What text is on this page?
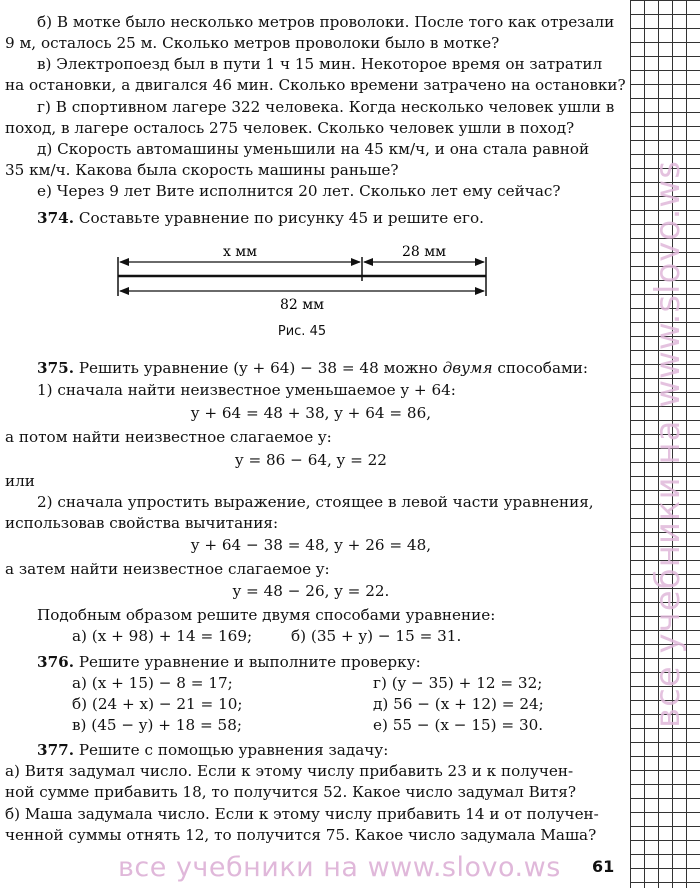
все учебники на www.slovo.ws
б) В мотке было несколько метров проволоки. После того как отрезали
9 м, осталось 25 м. Сколько метров проволоки было в мотке?
в) Электропоезд был в пути 1 ч 15 мин. Некоторое время он затратил
на остановки, а двигался 46 мин. Сколько времени затрачено на остановки?
г) В спортивном лагере 322 человека. Когда несколько человек ушли в
поход, в лагере осталось 275 человек. Сколько человек ушли в поход?
д) Скорость автомашины уменьшили на 45 км/ч, и она стала равной
35 км/ч. Какова была скорость машины раньше?
е) Через 9 лет Вите исполнится 20 лет. Сколько лет ему сейчас?
374. Составьте уравнение по рисунку 45 и решите его.
x мм	28 мм
82 мм
Рис. 45
375. Решить уравнение (y + 64) − 38 = 48 можно двумя способами:
1) сначала найти неизвестное уменьшаемое y + 64:
y + 64 = 48 + 38, y + 64 = 86,
а потом найти неизвестное слагаемое y:
y = 86 − 64, y = 22
или
2) сначала упростить выражение, стоящее в левой части уравнения,
использовав свойства вычитания:
y + 64 − 38 = 48, y + 26 = 48,
а затем найти неизвестное слагаемое y:
y = 48 − 26, y = 22.
Подобным образом решите двумя способами уравнение:
а) (x + 98) + 14 = 169;	б) (35 + y) − 15 = 31.
376. Решите уравнение и выполните проверку:
а) (x + 15) − 8 = 17;
б) (24 + x) − 21 = 10;
в) (45 − y) + 18 = 58;
г) (y − 35) + 12 = 32;
д) 56 − (x + 12) = 24;
е) 55 − (x − 15) = 30.
377. Решите с помощью уравнения задачу:
а) Витя задумал число. Если к этому числу прибавить 23 и к получен-
ной сумме прибавить 18, то получится 52. Какое число задумал Витя?
б) Маша задумала число. Если к этому числу прибавить 14 и от получен-
ченной суммы отнять 12, то получится 75. Какое число задумала Маша?
все учебники на www.slovo.ws 61
